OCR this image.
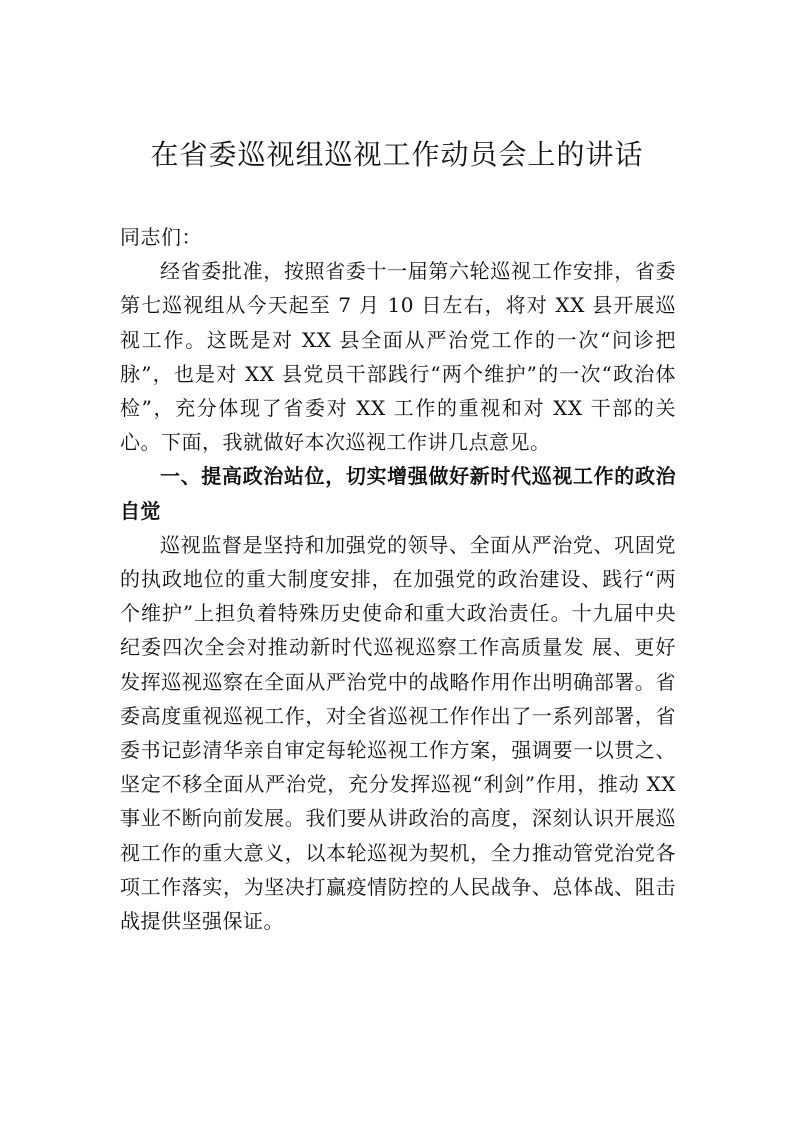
在省委巡视组巡视工作动员会上的讲话

同志们：

经省委批准，按照省委十一届第六轮巡视工作安排，省委第七巡视组从今天起至 7 月 10 日左右，将对 XX 县开展巡视工作。这既是对 XX 县全面从严治党工作的一次“问诊把脉”，也是对 XX 县党员干部践行“两个维护”的一次“政治体检”，充分体现了省委对 XX 工作的重视和对 XX 干部的关心。下面，我就做好本次巡视工作讲几点意见。

一、提高政治站位，切实增强做好新时代巡视工作的政治自觉

巡视监督是坚持和加强党的领导、全面从严治党、巩固党的执政地位的重大制度安排，在加强党的政治建设、践行“两个维护”上担负着特殊历史使命和重大政治责任。十九届中央纪委四次全会对推动新时代巡视巡察工作高质量发 展、更好发挥巡视巡察在全面从严治党中的战略作用作出明确部署。省委高度重视巡视工作，对全省巡视工作作出了一系列部署，省委书记彭清华亲自审定每轮巡视工作方案，强调要一以贯之、坚定不移全面从严治党，充分发挥巡视“利剑”作用，推动 XX 事业不断向前发展。我们要从讲政治的高度，深刻认识开展巡视工作的重大意义，以本轮巡视为契机，全力推动管党治党各项工作落实，为坚决打赢疫情防控的人民战争、总体战、阻击战提供坚强保证。
